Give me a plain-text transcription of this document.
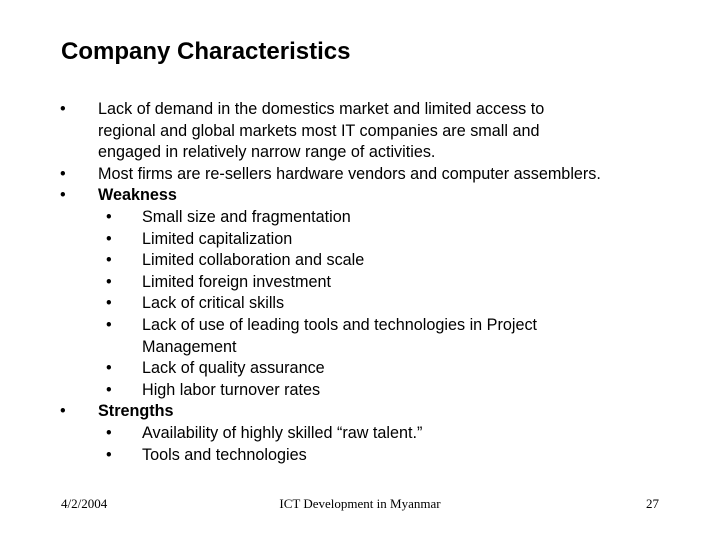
Company Characteristics
• Lack of demand in the domestics market and limited access to
regional and global markets most IT companies are small and
engaged in relatively narrow range of activities.
• Most firms are re-sellers hardware vendors and computer assemblers.
• Weakness
• Small size and fragmentation
• Limited capitalization
• Limited collaboration and scale
• Limited foreign investment
• Lack of critical skills
• Lack of use of leading tools and technologies in Project
Management
• Lack of quality assurance
• High labor turnover rates
• Strengths
• Availability of highly skilled “raw talent.”
• Tools and technologies
4/2/2004	ICT Development in Myanmar	27
